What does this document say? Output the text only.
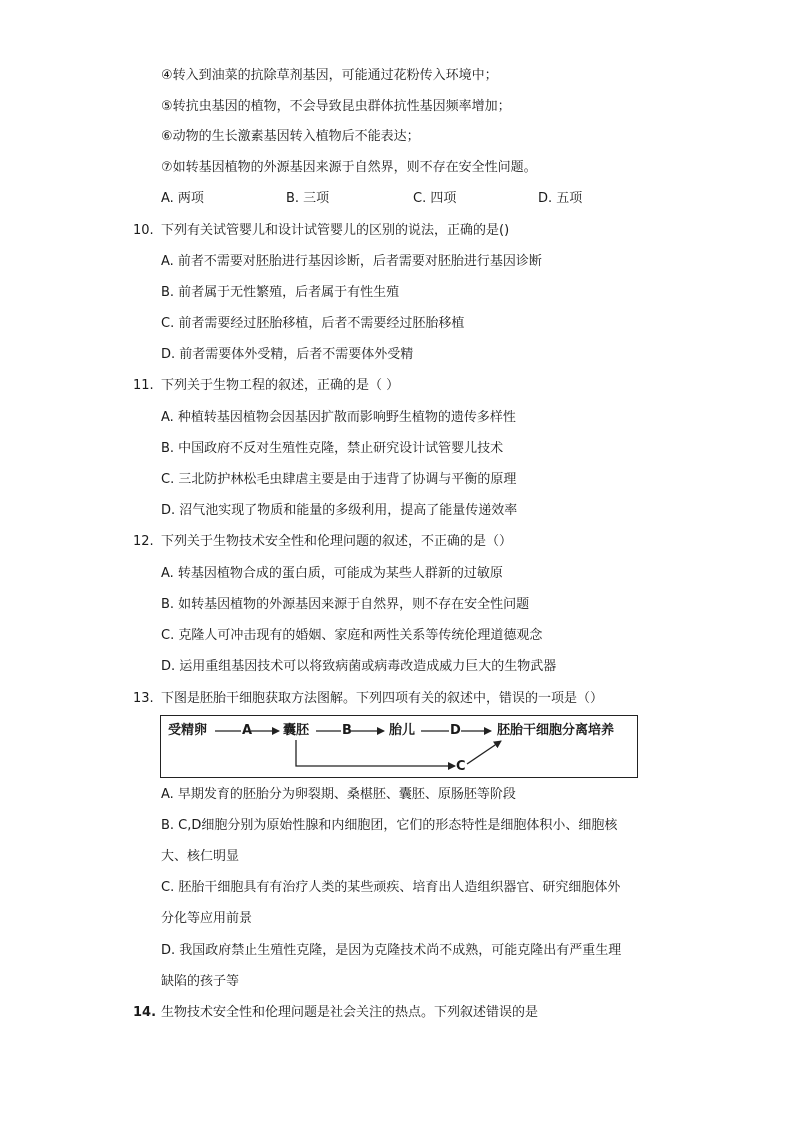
④转入到油菜的抗除草剂基因，可能通过花粉传入环境中；
⑤转抗虫基因的植物，不会导致昆虫群体抗性基因频率增加；
⑥动物的生长激素基因转入植物后不能表达；
⑦如转基因植物的外源基因来源于自然界，则不存在安全性问题。
A. 两项	B. 三项	C. 四项	D. 五项
10. 下列有关试管婴儿和设计试管婴儿的区别的说法，正确的是()
A. 前者不需要对胚胎进行基因诊断，后者需要对胚胎进行基因诊断
B. 前者属于无性繁殖，后者属于有性生殖
C. 前者需要经过胚胎移植，后者不需要经过胚胎移植
D. 前者需要体外受精，后者不需要体外受精
11. 下列关于生物工程的叙述，正确的是（ ）
A. 种植转基因植物会因基因扩散而影响野生植物的遗传多样性
B. 中国政府不反对生殖性克隆，禁止研究设计试管婴儿技术
C. 三北防护林松毛虫肆虐主要是由于违背了协调与平衡的原理
D. 沼气池实现了物质和能量的多级利用，提高了能量传递效率
12. 下列关于生物技术安全性和伦理问题的叙述，不正确的是（）
A. 转基因植物合成的蛋白质，可能成为某些人群新的过敏原
B. 如转基因植物的外源基因来源于自然界，则不存在安全性问题
C. 克隆人可冲击现有的婚姻、家庭和两性关系等传统伦理道德观念
D. 运用重组基因技术可以将致病菌或病毒改造成威力巨大的生物武器
13. 下图是胚胎干细胞获取方法图解。下列四项有关的叙述中，错误的一项是（）
受精卵	A 囊胚	B	胎儿	D	胚胎干细胞分离培养
C
A. 早期发育的胚胎分为卵裂期、桑椹胚、囊胚、原肠胚等阶段
B. C,D细胞分别为原始性腺和内细胞团，它们的形态特性是细胞体积小、细胞核
大、核仁明显
C. 胚胎干细胞具有有治疗人类的某些顽疾、培育出人造组织器官、研究细胞体外
分化等应用前景
D. 我国政府禁止生殖性克隆，是因为克隆技术尚不成熟，可能克隆出有严重生理
缺陷的孩子等
14. 生物技术安全性和伦理问题是社会关注的热点。下列叙述错误的是
